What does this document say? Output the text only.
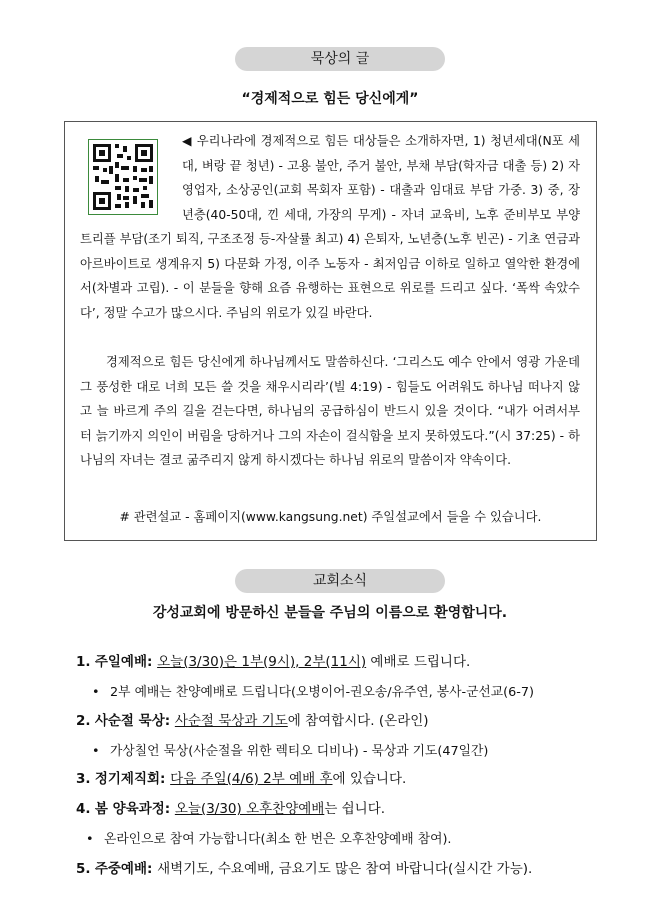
묵상의 글
“경제적으로 힘든 당신에게”

◀ 우리나라에 경제적으로 힘든 대상들은 소개하자면, 1) 청년세대(N포 세대, 벼랑 끝 청년) - 고용 불안, 주거 불안, 부채 부담(학자금 대출 등) 2) 자영업자, 소상공인(교회 목회자 포함) - 대출과 임대료 부담 가중. 3) 중, 장년층(40-50대, 낀 세대, 가장의 무게) - 자녀 교육비, 노후 준비부모 부양 트리플 부담(조기 퇴직, 구조조정 등-자살률 최고) 4) 은퇴자, 노년층(노후 빈곤) - 기초 연금과 아르바이트로 생계유지 5) 다문화 가정, 이주 노동자 - 최저임금 이하로 일하고 열악한 환경에서(차별과 고립). - 이 분들을 향해 요즘 유행하는 표현으로 위로를 드리고 싶다. ‘폭싹 속았수다’, 정말 수고가 많으시다. 주님의 위로가 있길 바란다.

경제적으로 힘든 당신에게 하나님께서도 말씀하신다. ‘그리스도 예수 안에서 영광 가운데 그 풍성한 대로 너희 모든 쓸 것을 채우시리라’(빌 4:19) - 힘들도 어려워도 하나님 떠나지 않고 늘 바르게 주의 길을 걷는다면, 하나님의 공급하심이 반드시 있을 것이다. “내가 어려서부터 늙기까지 의인이 버림을 당하거나 그의 자손이 걸식함을 보지 못하였도다.”(시 37:25) - 하나님의 자녀는 결코 굶주리지 않게 하시겠다는 하나님 위로의 말씀이자 약속이다.

# 관련설교 - 홈페이지(www.kangsung.net) 주일설교에서 들을 수 있습니다.
교회소식
강성교회에 방문하신 분들을 주님의 이름으로 환영합니다.
1. 주일예배: 오늘(3/30)은 1부(9시), 2부(11시) 예배로 드립니다.
• 2부 예배는 찬양예배로 드립니다(오병이어-권오송/유주연, 봉사-군선교(6-7)
2. 사순절 묵상: 사순절 묵상과 기도에 참여합시다. (온라인)
• 가상칠언 묵상(사순절을 위한 렉티오 디비나) - 묵상과 기도(47일간)
3. 정기제직회: 다음 주일(4/6) 2부 예배 후에 있습니다.
4. 봄 양육과정: 오늘(3/30) 오후찬양예배는 쉽니다.
• 온라인으로 참여 가능합니다(최소 한 번은 오후찬양예배 참여).
5. 주중예배: 새벽기도, 수요예배, 금요기도 많은 참여 바랍니다(실시간 가능).
